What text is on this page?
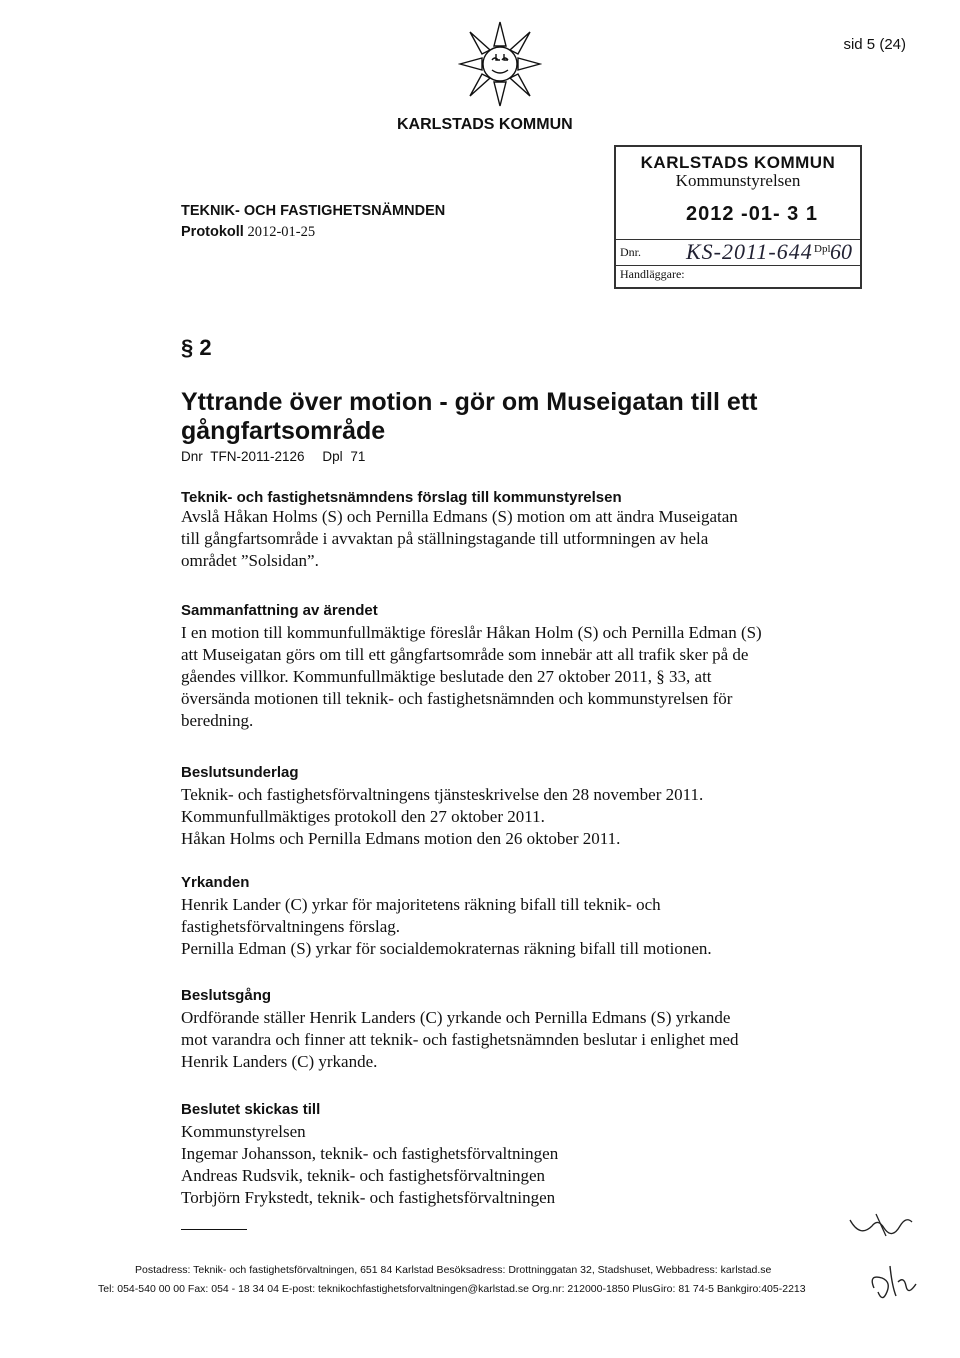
sid 5 (24)
KARLSTADS KOMMUN
TEKNIK- OCH FASTIGHETSNÄMNDEN
Protokoll 2012-01-25
KARLSTADS KOMMUN
Kommunstyrelsen
2012 -01- 3 1
Dnr. KS-2011-644 Dpl 60
Handläggare:
§ 2
Yttrande över motion - gör om Museigatan till ett gångfartsområde
Dnr TFN-2011-2126 Dpl 71
Teknik- och fastighetsnämndens förslag till kommunstyrelsen
Avslå Håkan Holms (S) och Pernilla Edmans (S) motion om att ändra Museigatan
till gångfartsområde i avvaktan på ställningstagande till utformningen av hela
området ”Solsidan”.
Sammanfattning av ärendet
I en motion till kommunfullmäktige föreslår Håkan Holm (S) och Pernilla Edman (S)
att Museigatan görs om till ett gångfartsområde som innebär att all trafik sker på de
gåendes villkor. Kommunfullmäktige beslutade den 27 oktober 2011, § 33, att
översända motionen till teknik- och fastighetsnämnden och kommunstyrelsen för
beredning.
Beslutsunderlag
Teknik- och fastighetsförvaltningens tjänsteskrivelse den 28 november 2011.
Kommunfullmäktiges protokoll den 27 oktober 2011.
Håkan Holms och Pernilla Edmans motion den 26 oktober 2011.
Yrkanden
Henrik Lander (C) yrkar för majoritetens räkning bifall till teknik- och
fastighetsförvaltningens förslag.
Pernilla Edman (S) yrkar för socialdemokraternas räkning bifall till motionen.
Beslutsgång
Ordförande ställer Henrik Landers (C) yrkande och Pernilla Edmans (S) yrkande
mot varandra och finner att teknik- och fastighetsnämnden beslutar i enlighet med
Henrik Landers (C) yrkande.
Beslutet skickas till
Kommunstyrelsen
Ingemar Johansson, teknik- och fastighetsförvaltningen
Andreas Rudsvik, teknik- och fastighetsförvaltningen
Torbjörn Frykstedt, teknik- och fastighetsförvaltningen
Postadress: Teknik- och fastighetsförvaltningen, 651 84 Karlstad Besöksadress: Drottninggatan 32, Stadshuset, Webbadress: karlstad.se
Tel: 054-540 00 00 Fax: 054 - 18 34 04 E-post: teknikochfastighetsforvaltningen@karlstad.se Org.nr: 212000-1850 PlusGiro: 81 74-5 Bankgiro:405-2213
